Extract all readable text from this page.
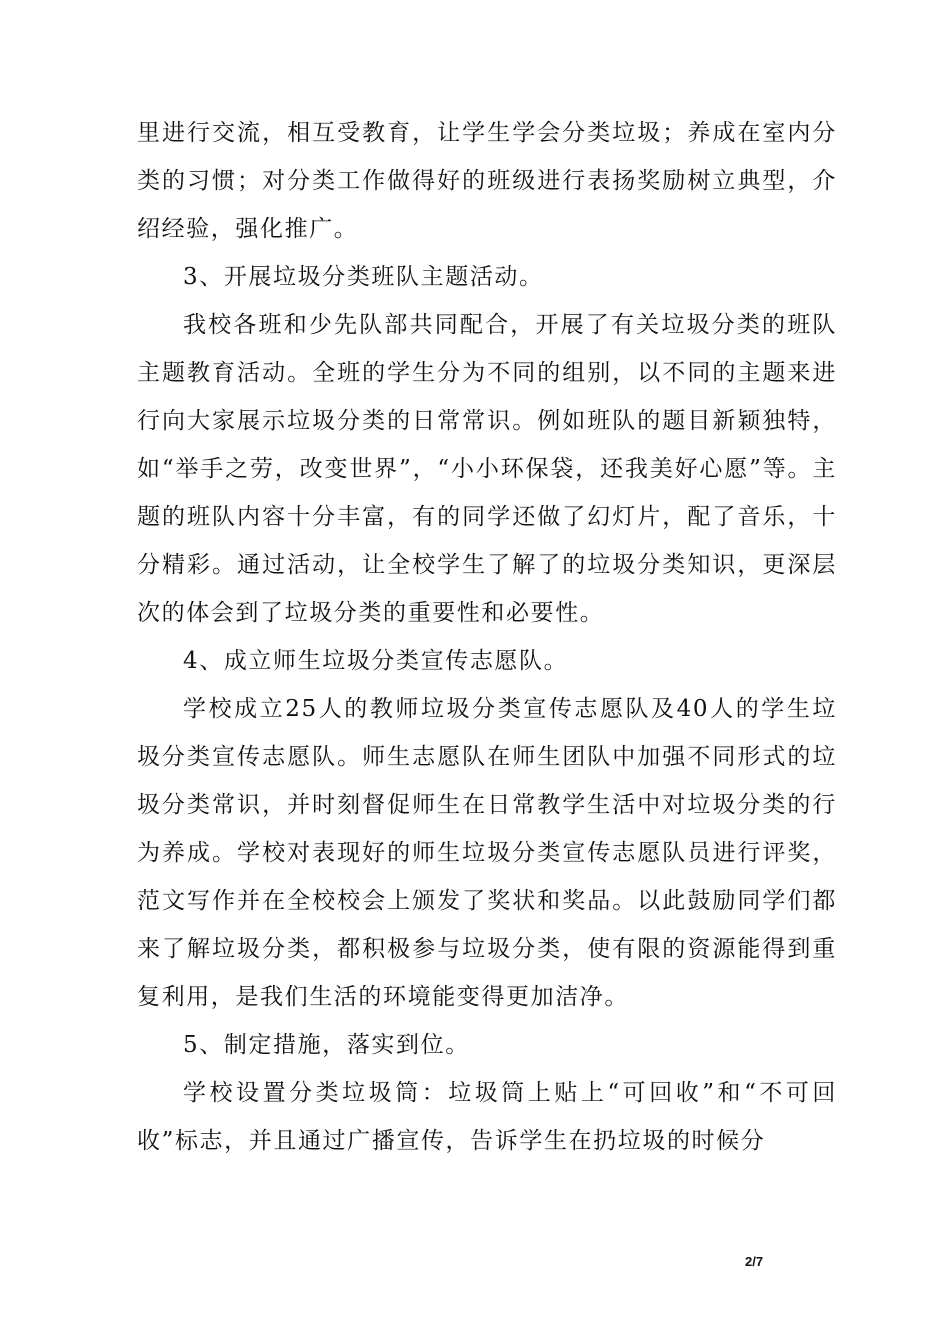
里进行交流，相互受教育，让学生学会分类垃圾；养成在室内分类的习惯；对分类工作做得好的班级进行表扬奖励树立典型，介绍经验，强化推广。

3、开展垃圾分类班队主题活动。

我校各班和少先队部共同配合，开展了有关垃圾分类的班队主题教育活动。全班的学生分为不同的组别，以不同的主题来进行向大家展示垃圾分类的日常常识。例如班队的题目新颖独特，如“举手之劳，改变世界”，“小小环保袋，还我美好心愿”等。主题的班队内容十分丰富，有的同学还做了幻灯片，配了音乐，十分精彩。通过活动，让全校学生了解了的垃圾分类知识，更深层次的体会到了垃圾分类的重要性和必要性。

4、成立师生垃圾分类宣传志愿队。

学校成立25人的教师垃圾分类宣传志愿队及40人的学生垃圾分类宣传志愿队。师生志愿队在师生团队中加强不同形式的垃圾分类常识，并时刻督促师生在日常教学生活中对垃圾分类的行为养成。学校对表现好的师生垃圾分类宣传志愿队员进行评奖，范文写作并在全校校会上颁发了奖状和奖品。以此鼓励同学们都来了解垃圾分类，都积极参与垃圾分类，使有限的资源能得到重复利用，是我们生活的环境能变得更加洁净。

5、制定措施，落实到位。

学校设置分类垃圾筒：垃圾筒上贴上“可回收”和“不可回收”标志，并且通过广播宣传，告诉学生在扔垃圾的时候分

2/7
